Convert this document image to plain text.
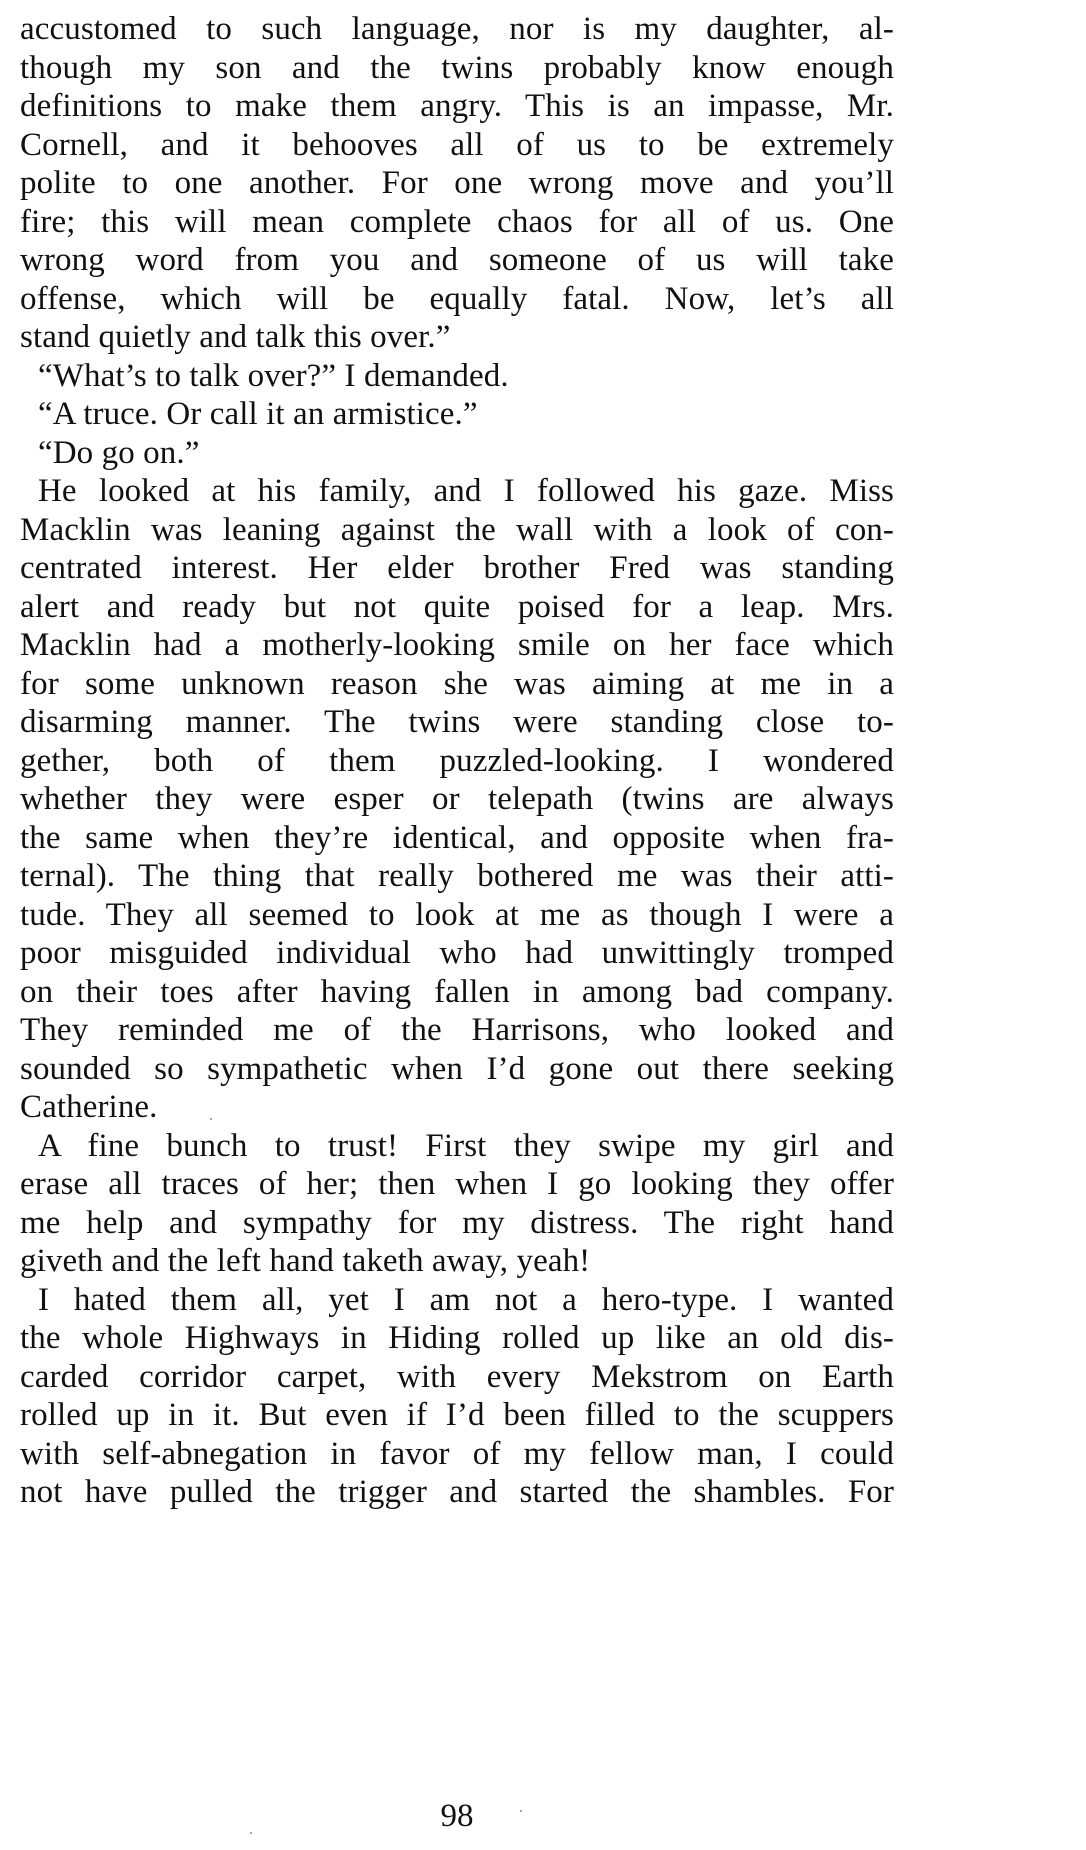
accustomed to such language, nor is my daughter, al-
though my son and the twins probably know enough
definitions to make them angry. This is an impasse, Mr.
Cornell, and it behooves all of us to be extremely
polite to one another. For one wrong move and you’ll
fire; this will mean complete chaos for all of us. One
wrong word from you and someone of us will take
offense, which will be equally fatal. Now, let’s all
stand quietly and talk this over.”
“What’s to talk over?” I demanded.
“A truce. Or call it an armistice.”
“Do go on.”
He looked at his family, and I followed his gaze. Miss
Macklin was leaning against the wall with a look of con-
centrated interest. Her elder brother Fred was standing
alert and ready but not quite poised for a leap. Mrs.
Macklin had a motherly-looking smile on her face which
for some unknown reason she was aiming at me in a
disarming manner. The twins were standing close to-
gether, both of them puzzled-looking. I wondered
whether they were esper or telepath (twins are always
the same when they’re identical, and opposite when fra-
ternal). The thing that really bothered me was their atti-
tude. They all seemed to look at me as though I were a
poor misguided individual who had unwittingly tromped
on their toes after having fallen in among bad company.
They reminded me of the Harrisons, who looked and
sounded so sympathetic when I’d gone out there seeking
Catherine.
A fine bunch to trust! First they swipe my girl and
erase all traces of her; then when I go looking they offer
me help and sympathy for my distress. The right hand
giveth and the left hand taketh away, yeah!
I hated them all, yet I am not a hero-type. I wanted
the whole Highways in Hiding rolled up like an old dis-
carded corridor carpet, with every Mekstrom on Earth
rolled up in it. But even if I’d been filled to the scuppers
with self-abnegation in favor of my fellow man, I could
not have pulled the trigger and started the shambles. For
98
